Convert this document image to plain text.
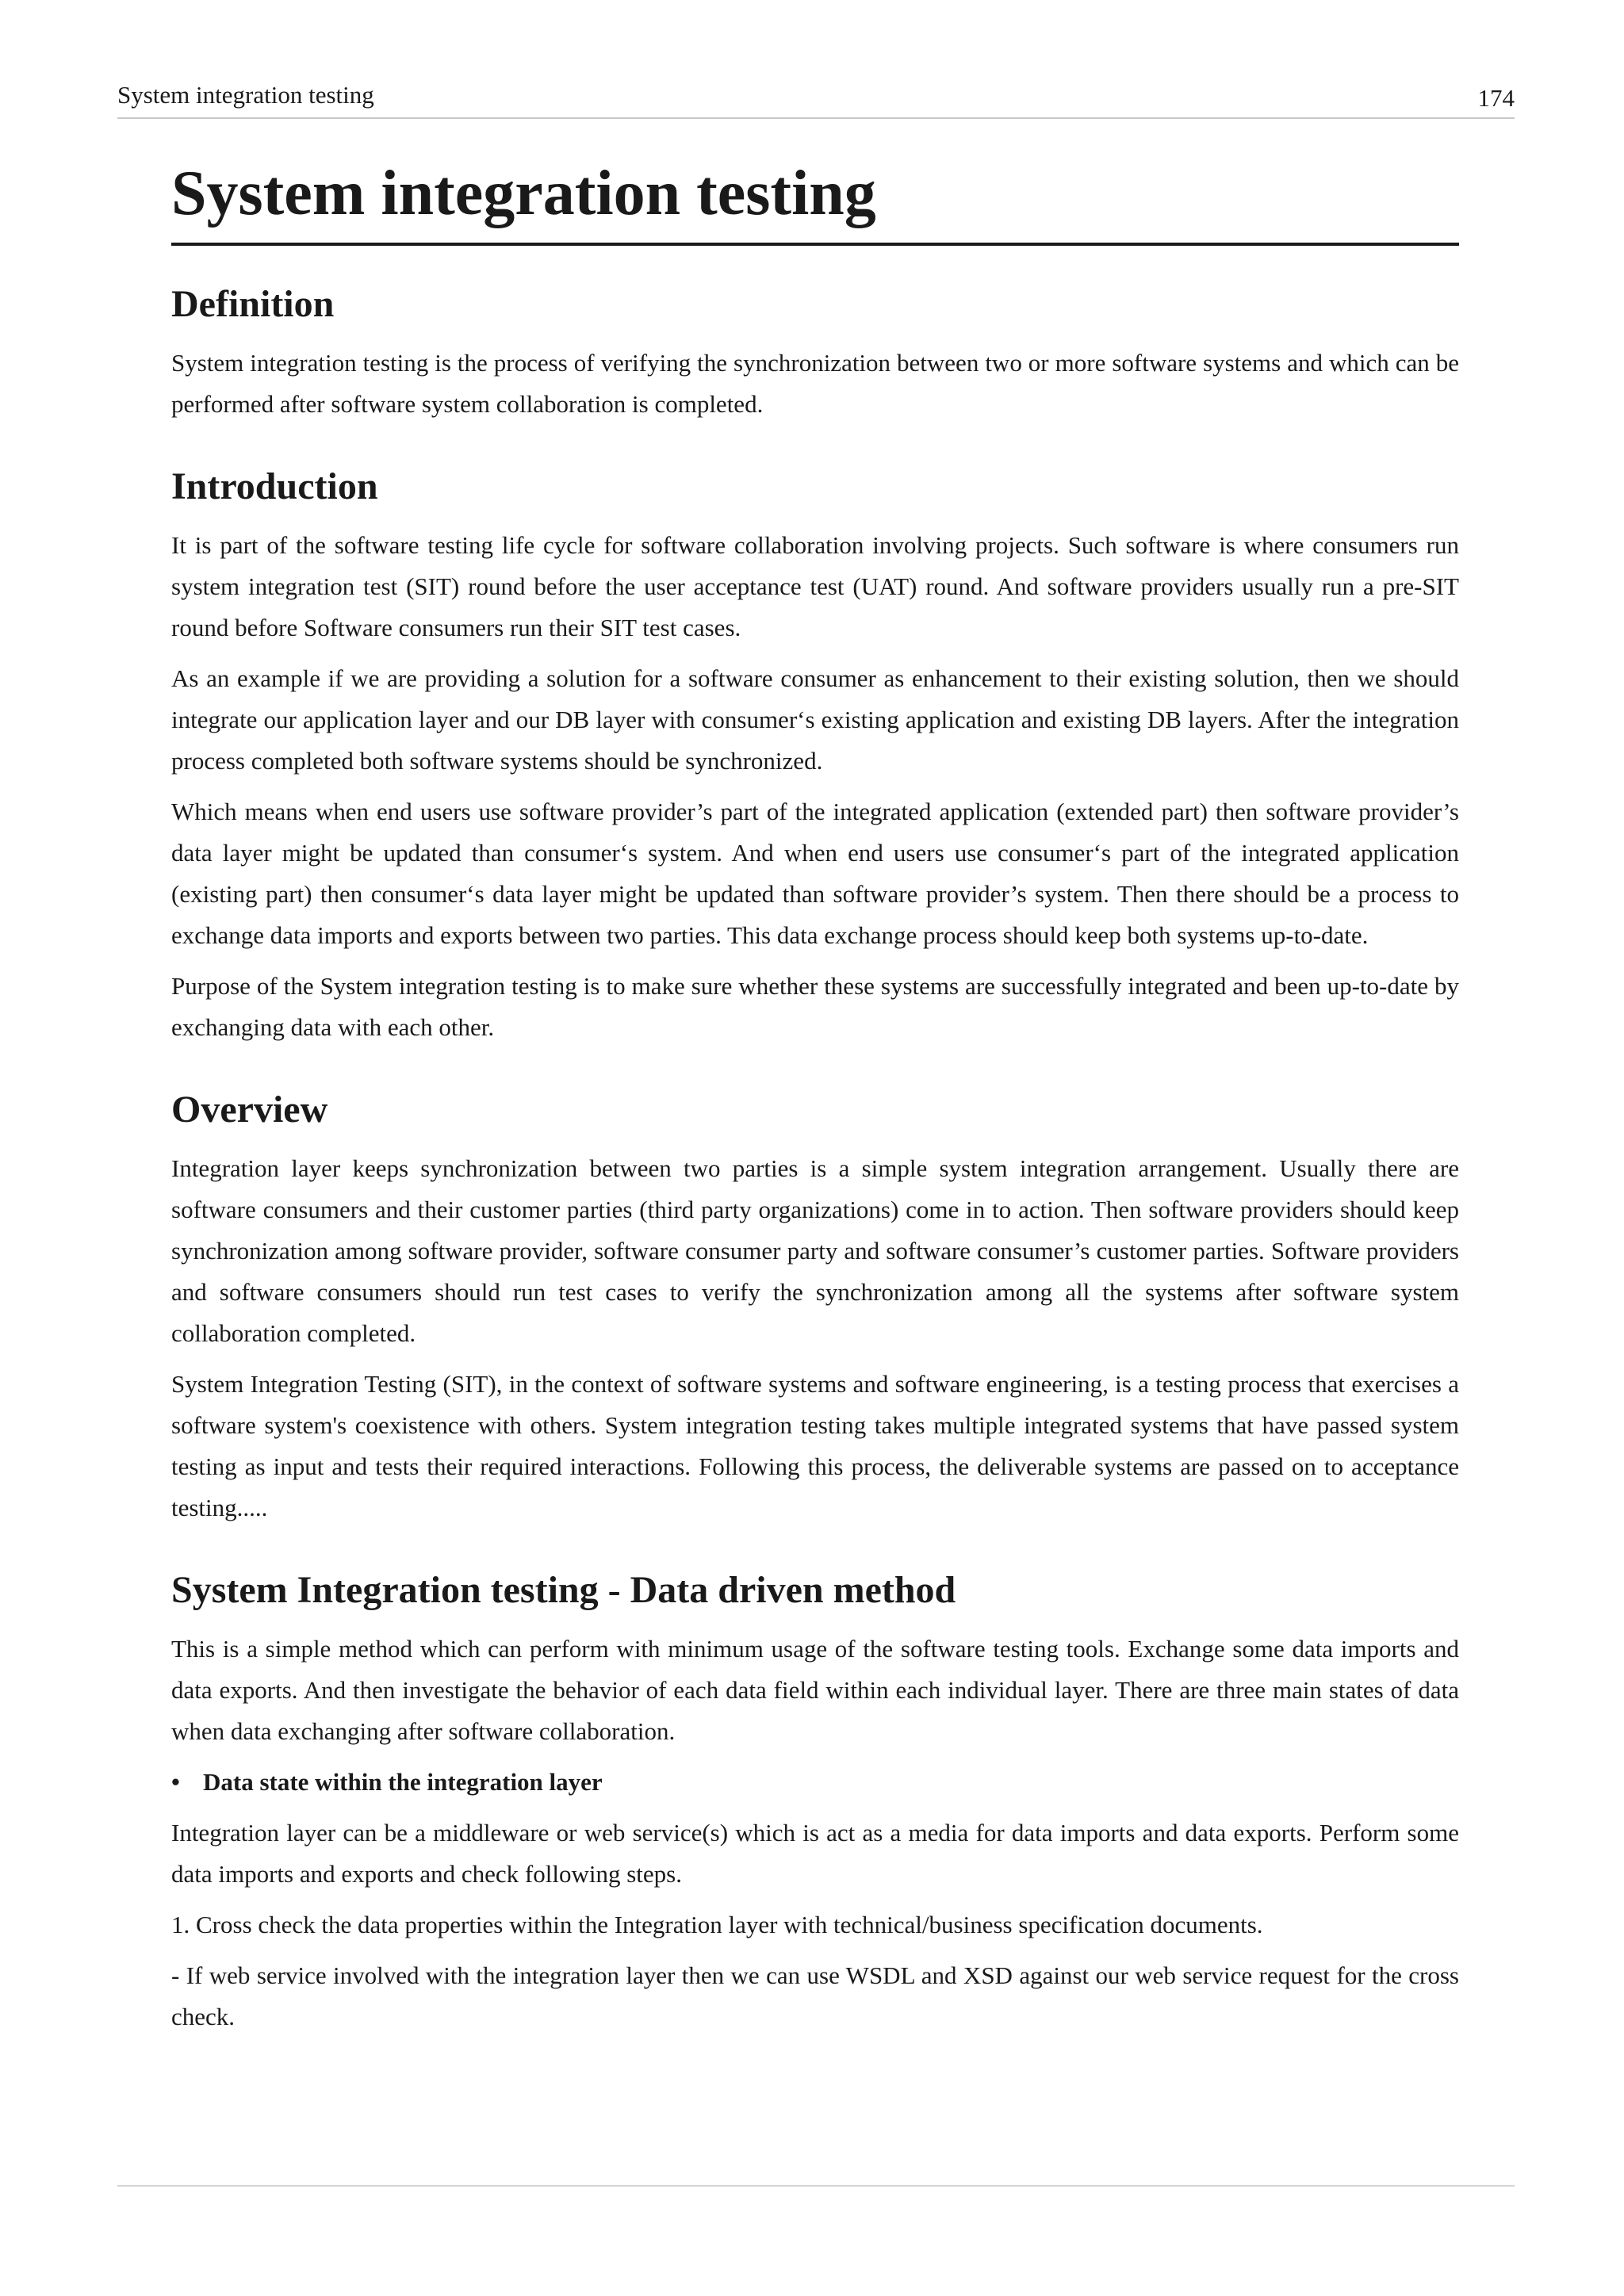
System integration testing	174
System integration testing
Definition

System integration testing is the process of verifying the synchronization between two or more software systems and which can be performed after software system collaboration is completed.

Introduction

It is part of the software testing life cycle for software collaboration involving projects. Such software is where consumers run system integration test (SIT) round before the user acceptance test (UAT) round. And software providers usually run a pre-SIT round before Software consumers run their SIT test cases.

As an example if we are providing a solution for a software consumer as enhancement to their existing solution, then we should integrate our application layer and our DB layer with consumer‘s existing application and existing DB layers. After the integration process completed both software systems should be synchronized.

Which means when end users use software provider’s part of the integrated application (extended part) then software provider’s data layer might be updated than consumer‘s system. And when end users use consumer‘s part of the integrated application (existing part) then consumer‘s data layer might be updated than software provider’s system. Then there should be a process to exchange data imports and exports between two parties. This data exchange process should keep both systems up-to-date.

Purpose of the System integration testing is to make sure whether these systems are successfully integrated and been up-to-date by exchanging data with each other.

Overview

Integration layer keeps synchronization between two parties is a simple system integration arrangement. Usually there are software consumers and their customer parties (third party organizations) come in to action. Then software providers should keep synchronization among software provider, software consumer party and software consumer’s customer parties. Software providers and software consumers should run test cases to verify the synchronization among all the systems after software system collaboration completed.

System Integration Testing (SIT), in the context of software systems and software engineering, is a testing process that exercises a software system's coexistence with others. System integration testing takes multiple integrated systems that have passed system testing as input and tests their required interactions. Following this process, the deliverable systems are passed on to acceptance testing.....

System Integration testing - Data driven method

This is a simple method which can perform with minimum usage of the software testing tools. Exchange some data imports and data exports. And then investigate the behavior of each data field within each individual layer. There are three main states of data when data exchanging after software collaboration.

• Data state within the integration layer

Integration layer can be a middleware or web service(s) which is act as a media for data imports and data exports. Perform some data imports and exports and check following steps.

1. Cross check the data properties within the Integration layer with technical/business specification documents.

- If web service involved with the integration layer then we can use WSDL and XSD against our web service request for the cross check.
